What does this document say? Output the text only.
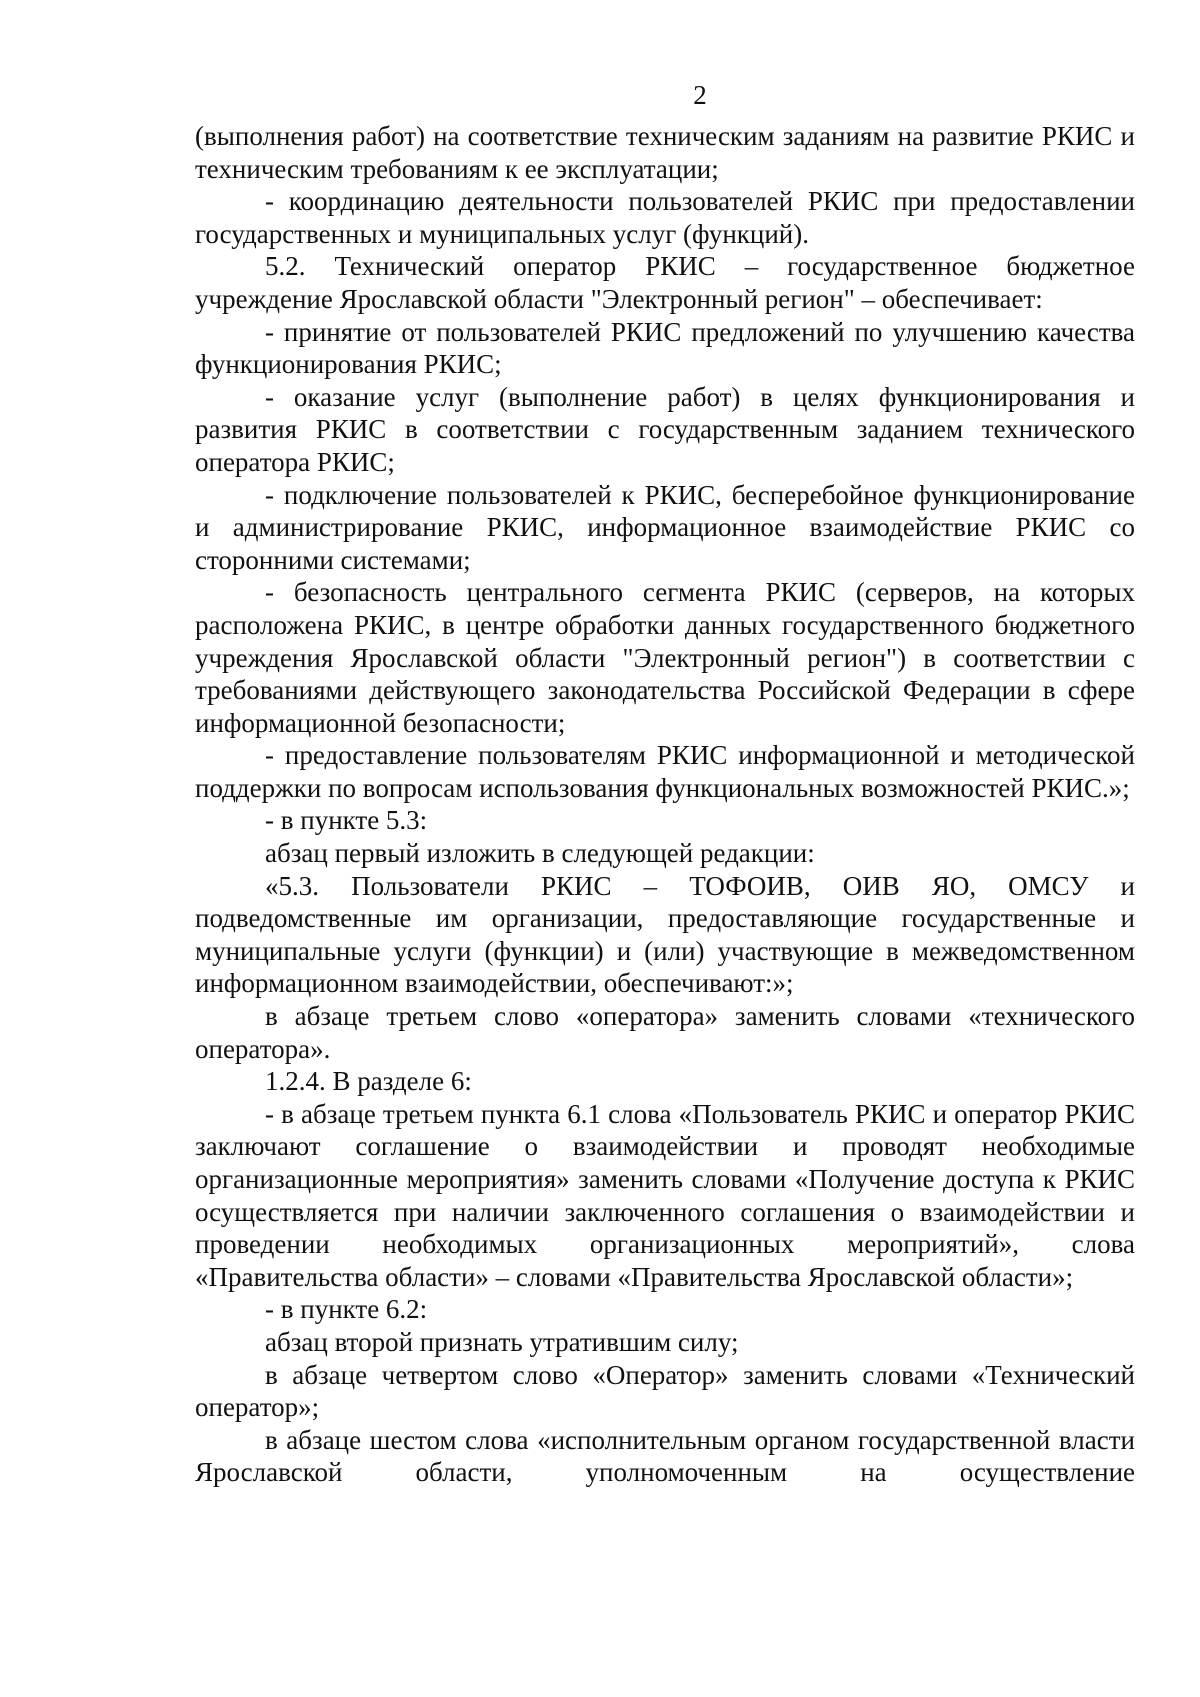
2

(выполнения работ) на соответствие техническим заданиям на развитие РКИС и техническим требованиям к ее эксплуатации;

- координацию деятельности пользователей РКИС при предоставлении государственных и муниципальных услуг (функций).

5.2. Технический оператор РКИС – государственное бюджетное учреждение Ярославской области "Электронный регион" – обеспечивает:

- принятие от пользователей РКИС предложений по улучшению качества функционирования РКИС;

- оказание услуг (выполнение работ) в целях функционирования и развития РКИС в соответствии с государственным заданием технического оператора РКИС;

- подключение пользователей к РКИС, бесперебойное функционирование и администрирование РКИС, информационное взаимодействие РКИС со сторонними системами;

- безопасность центрального сегмента РКИС (серверов, на которых расположена РКИС, в центре обработки данных государственного бюджетного учреждения Ярославской области "Электронный регион") в соответствии с требованиями действующего законодательства Российской Федерации в сфере информационной безопасности;

- предоставление пользователям РКИС информационной и методической поддержки по вопросам использования функциональных возможностей РКИС.»;

- в пункте 5.3:

абзац первый изложить в следующей редакции:

«5.3. Пользователи РКИС – ТОФОИВ, ОИВ ЯО, ОМСУ и подведомственные им организации, предоставляющие государственные и муниципальные услуги (функции) и (или) участвующие в межведомственном информационном взаимодействии, обеспечивают:»;

в абзаце третьем слово «оператора» заменить словами «технического оператора».

1.2.4. В разделе 6:

- в абзаце третьем пункта 6.1 слова «Пользователь РКИС и оператор РКИС заключают соглашение о взаимодействии и проводят необходимые организационные мероприятия» заменить словами «Получение доступа к РКИС осуществляется при наличии заключенного соглашения о взаимодействии и проведении необходимых организационных мероприятий», слова «Правительства области» – словами «Правительства Ярославской области»;

- в пункте 6.2:

абзац второй признать утратившим силу;

в абзаце четвертом слово «Оператор» заменить словами «Технический оператор»;

в абзаце шестом слова «исполнительным органом государственной власти Ярославской области, уполномоченным на осуществление
